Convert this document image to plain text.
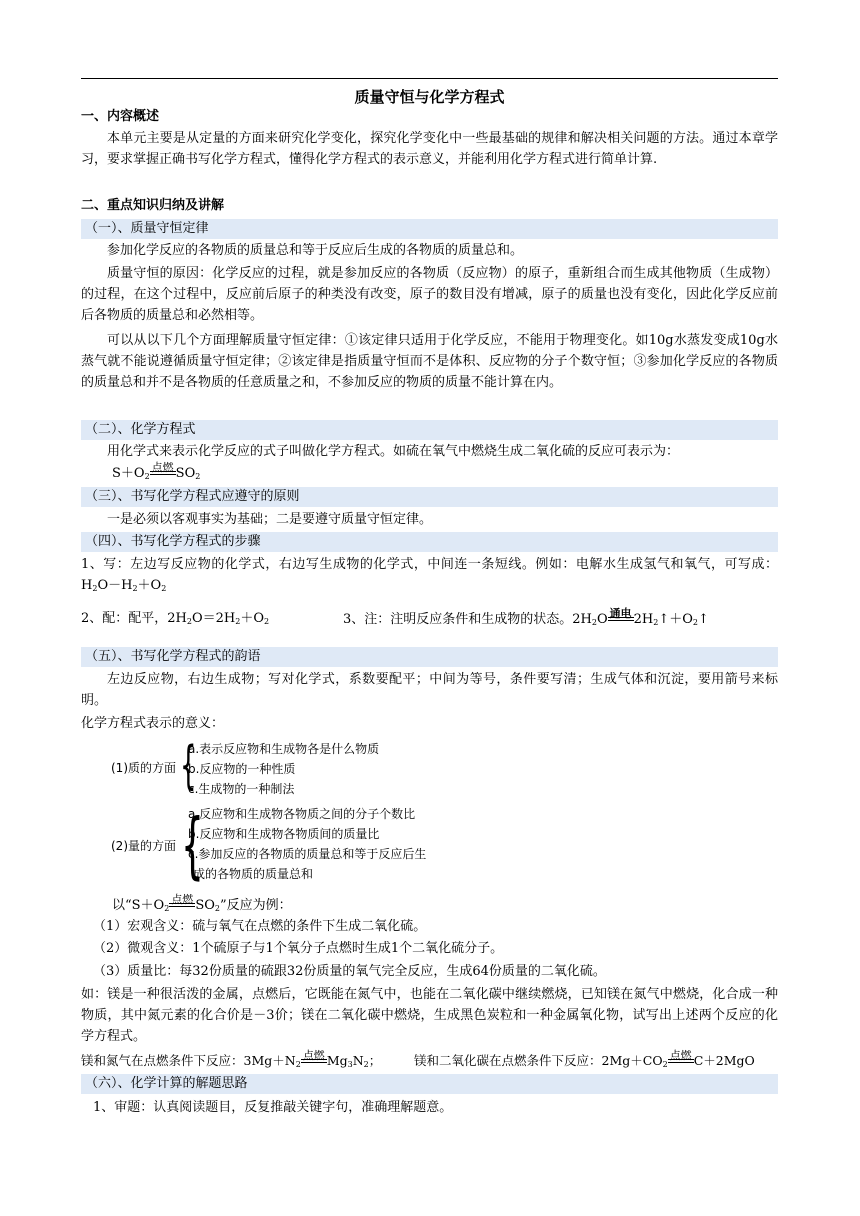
质量守恒与化学方程式
一、内容概述
本单元主要是从定量的方面来研究化学变化，探究化学变化中一些最基础的规律和解决相关问题的方法。通过本章学习，要求掌握正确书写化学方程式，懂得化学方程式的表示意义，并能利用化学方程式进行简单计算.
二、重点知识归纳及讲解
（一）、质量守恒定律
参加化学反应的各物质的质量总和等于反应后生成的各物质的质量总和。
质量守恒的原因：化学反应的过程，就是参加反应的各物质（反应物）的原子，重新组合而生成其他物质（生成物）的过程，在这个过程中，反应前后原子的种类没有改变，原子的数目没有增减，原子的质量也没有变化，因此化学反应前后各物质的质量总和必然相等。
可以从以下几个方面理解质量守恒定律：①该定律只适用于化学反应，不能用于物理变化。如10g水蒸发变成10g水蒸气就不能说遵循质量守恒定律；②该定律是指质量守恒而不是体积、反应物的分子个数守恒；③参加化学反应的各物质的质量总和并不是各物质的任意质量之和，不参加反应的物质的质量不能计算在内。
（二）、化学方程式
用化学式来表示化学反应的式子叫做化学方程式。如硫在氧气中燃烧生成二氧化硫的反应可表示为：
$S+O_2$点燃 $SO_2$
（三）、书写化学方程式应遵守的原则
一是必须以客观事实为基础；二是要遵守质量守恒定律。
（四）、书写化学方程式的步骤
1、写：左边写反应物的化学式，右边写生成物的化学式，中间连一条短线。例如：电解水生成氢气和氧气，可写成：$H_2O-H_2+O_2$
2、配：配平，$2H_2O=2H_2+O_2$	3、注：注明反应条件和生成物的状态。$2H_2O$ 通电 $2H_2↑+O_2↑$
（五）、书写化学方程式的韵语
左边反应物，右边生成物；写对化学式，系数要配平；中间为等号，条件要写清；生成气体和沉淀，要用箭号来标明。
化学方程式表示的意义：
(1)质的方面 {
a.表示反应物和生成物各是什么物质
b.反应物的一种性质
c.生成物的一种制法
(2)量的方面 {
a.反应物和生成物各物质之间的分子个数比
b.反应物和生成物各物质间的质量比
c.参加反应的各物质的质量总和等于反应后生
成的各物质的质量总和
以“$S+O_2$点燃 $SO_2$”反应为例：
（1）宏观含义：硫与氧气在点燃的条件下生成二氧化硫。
（2）微观含义：1个硫原子与1个氧分子点燃时生成1个二氧化硫分子。
（3）质量比：每32份质量的硫跟32份质量的氧气完全反应，生成64份质量的二氧化硫。
如：镁是一种很活泼的金属，点燃后，它既能在氮气中，也能在二氧化碳中继续燃烧，已知镁在氮气中燃烧，化合成一种物质，其中氮元素的化合价是－3价；镁在二氧化碳中燃烧，生成黑色炭粒和一种金属氧化物，试写出上述两个反应的化学方程式。
镁和氮气在点燃条件下反应：$3Mg+N_2$点燃 $Mg_3N_2$；	镁和二氧化碳在点燃条件下反应：$2Mg+CO_2$点燃 C＋2MgO
（六）、化学计算的解题思路
1、审题：认真阅读题目，反复推敲关键字句，准确理解题意。
